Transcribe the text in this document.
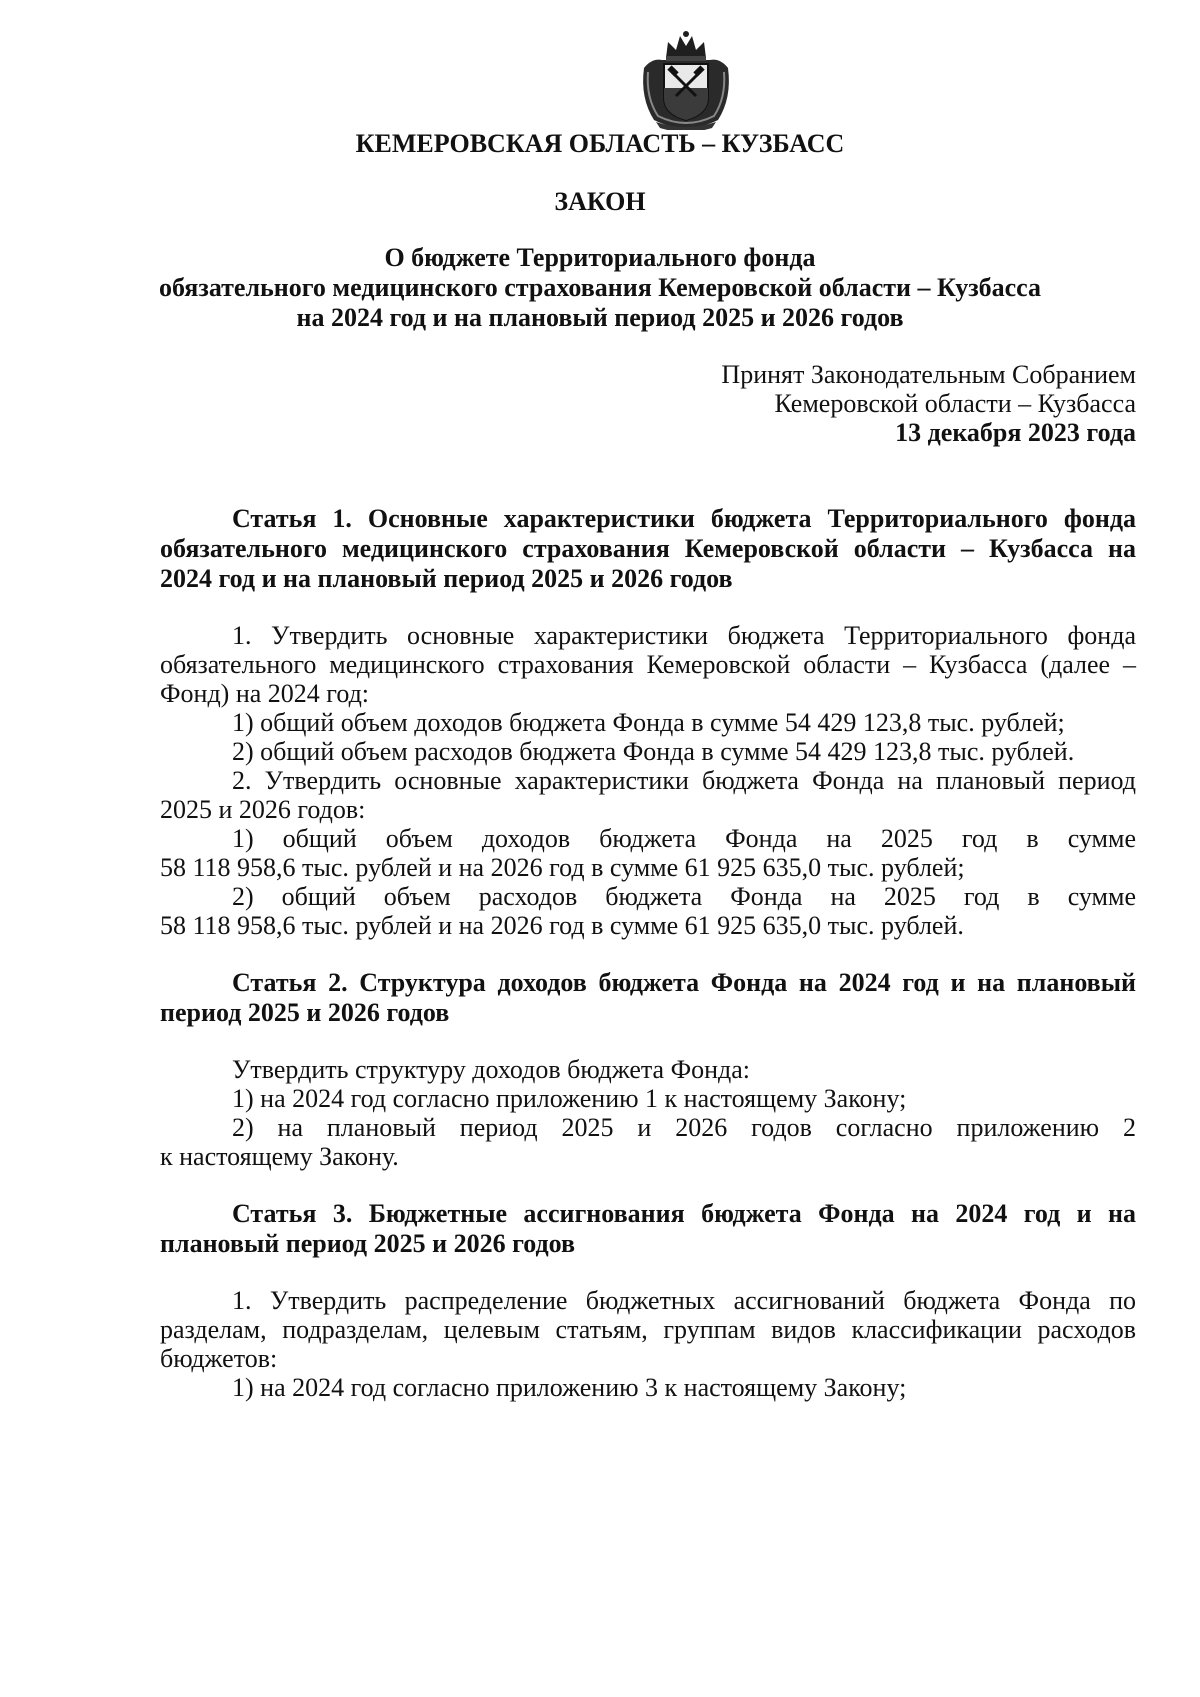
КЕМЕРОВСКАЯ ОБЛАСТЬ – КУЗБАСС
ЗАКОН
О бюджете Территориального фонда
обязательного медицинского страхования Кемеровской области – Кузбасса
на 2024 год и на плановый период 2025 и 2026 годов
Принят Законодательным Собранием
Кемеровской области – Кузбасса
13 декабря 2023 года
Статья 1. Основные характеристики бюджета Территориального фонда
обязательного медицинского страхования Кемеровской области – Кузбасса на
2024 год и на плановый период 2025 и 2026 годов
1. Утвердить основные характеристики бюджета Территориального фонда
обязательного медицинского страхования Кемеровской области – Кузбасса (далее –
Фонд) на 2024 год:
1) общий объем доходов бюджета Фонда в сумме 54 429 123,8 тыс. рублей;
2) общий объем расходов бюджета Фонда в сумме 54 429 123,8 тыс. рублей.
2. Утвердить основные характеристики бюджета Фонда на плановый период
2025 и 2026 годов:
1) общий объем доходов бюджета Фонда на 2025 год в сумме
58 118 958,6 тыс. рублей и на 2026 год в сумме 61 925 635,0 тыс. рублей;
2) общий объем расходов бюджета Фонда на 2025 год в сумме
58 118 958,6 тыс. рублей и на 2026 год в сумме 61 925 635,0 тыс. рублей.
Статья 2. Структура доходов бюджета Фонда на 2024 год и на плановый
период 2025 и 2026 годов
Утвердить структуру доходов бюджета Фонда:
1) на 2024 год согласно приложению 1 к настоящему Закону;
2) на плановый период 2025 и 2026 годов согласно приложению 2
к настоящему Закону.
Статья 3. Бюджетные ассигнования бюджета Фонда на 2024 год и на
плановый период 2025 и 2026 годов
1. Утвердить распределение бюджетных ассигнований бюджета Фонда по
разделам, подразделам, целевым статьям, группам видов классификации расходов
бюджетов:
1) на 2024 год согласно приложению 3 к настоящему Закону;
